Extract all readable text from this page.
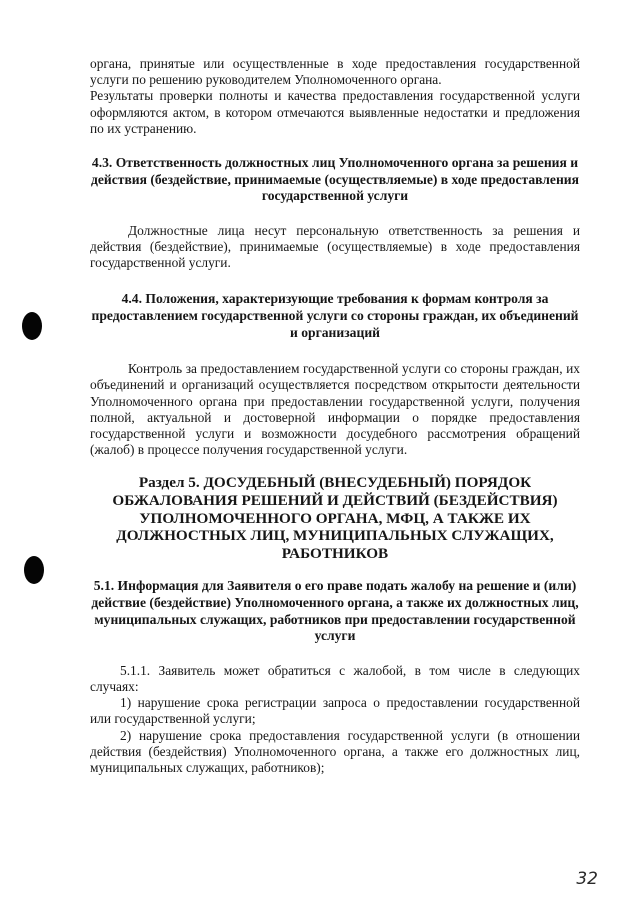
органа, принятые или осуществленные в ходе предоставления государственной услуги по решению руководителем Уполномоченного органа.

Результаты проверки полноты и качества предоставления государственной услуги оформляются актом, в котором отмечаются выявленные недостатки и предложения по их устранению.

4.3. Ответственность должностных лиц Уполномоченного органа за решения и действия (бездействие, принимаемые (осуществляемые) в ходе предоставления государственной услуги

Должностные лица несут персональную ответственность за решения и действия (бездействие), принимаемые (осуществляемые) в ходе предоставления государственной услуги.

4.4. Положения, характеризующие требования к формам контроля за предоставлением государственной услуги со стороны граждан, их объединений и организаций

Контроль за предоставлением государственной услуги со стороны граждан, их объединений и организаций осуществляется посредством открытости деятельности Уполномоченного органа при предоставлении государственной услуги, получения полной, актуальной и достоверной информации о порядке предоставления государственной услуги и возможности досудебного рассмотрения обращений (жалоб) в процессе получения государственной услуги.

Раздел 5. ДОСУДЕБНЫЙ (ВНЕСУДЕБНЫЙ) ПОРЯДОК ОБЖАЛОВАНИЯ РЕШЕНИЙ И ДЕЙСТВИЙ (БЕЗДЕЙСТВИЯ) УПОЛНОМОЧЕННОГО ОРГАНА, МФЦ, А ТАКЖЕ ИХ ДОЛЖНОСТНЫХ ЛИЦ, МУНИЦИПАЛЬНЫХ СЛУЖАЩИХ, РАБОТНИКОВ
5.1. Информация для Заявителя о его праве подать жалобу на решение и (или) действие (бездействие) Уполномоченного органа, а также их должностных лиц, муниципальных служащих, работников при предоставлении государственной услуги

5.1.1. Заявитель может обратиться с жалобой, в том числе в следующих случаях:

1) нарушение срока регистрации запроса о предоставлении государственной или государственной услуги;

2) нарушение срока предоставления государственной услуги (в отношении действия (бездействия) Уполномоченного органа, а также его должностных лиц, муниципальных служащих, работников);

32
